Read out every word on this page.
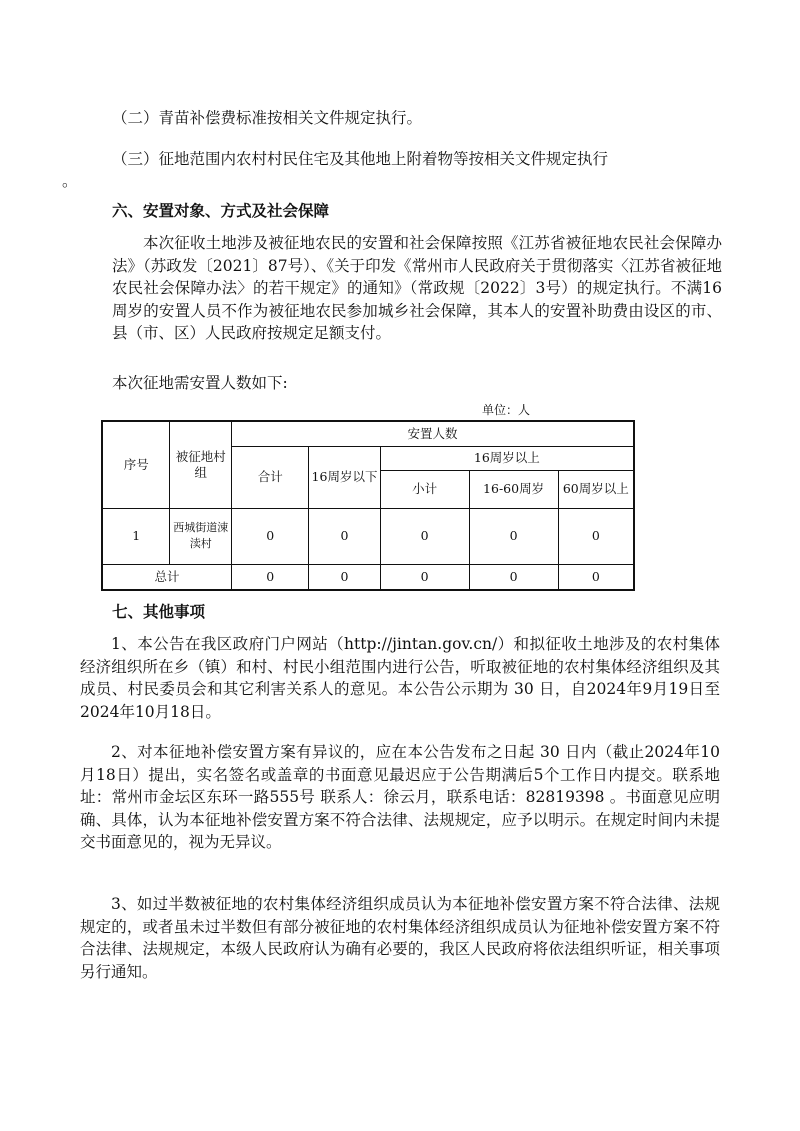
（二）青苗补偿费标准按相关文件规定执行。
（三）征地范围内农村村民住宅及其他地上附着物等按相关文件规定执行
。
六、安置对象、方式及社会保障
本次征收土地涉及被征地农民的安置和社会保障按照《江苏省被征地农民社会保障办法》（苏政发〔2021〕87号）、《关于印发《常州市人民政府关于贯彻落实〈江苏省被征地农民社会保障办法〉的若干规定》的通知》（常政规〔2022〕3号）的规定执行。不满16周岁的安置人员不作为被征地农民参加城乡社会保障，其本人的安置补助费由设区的市、县（市、区）人民政府按规定足额支付。
本次征地需安置人数如下:
单位：人
序号	被征地村组	安置人数				
		合计	16周岁以下	16周岁以上		
				小计	16-60周岁	60周岁以上
1	西城街道涑渎村	0	0	0	0	0
总计		0	0	0	0	0
七、其他事项
1、本公告在我区政府门户网站（http://jintan.gov.cn/）和拟征收土地涉及的农村集体经济组织所在乡（镇）和村、村民小组范围内进行公告，听取被征地的农村集体经济组织及其成员、村民委员会和其它利害关系人的意见。本公告公示期为 30 日，自2024年9月19日至2024年10月18日。
2、对本征地补偿安置方案有异议的，应在本公告发布之日起 30 日内（截止2024年10月18日）提出，实名签名或盖章的书面意见最迟应于公告期满后5个工作日内提交。联系地址：常州市金坛区东环一路555号 联系人：徐云月，联系电话：82819398 。书面意见应明确、具体，认为本征地补偿安置方案不符合法律、法规规定，应予以明示。在规定时间内未提交书面意见的，视为无异议。
3、如过半数被征地的农村集体经济组织成员认为本征地补偿安置方案不符合法律、法规规定的，或者虽未过半数但有部分被征地的农村集体经济组织成员认为征地补偿安置方案不符合法律、法规规定，本级人民政府认为确有必要的，我区人民政府将依法组织听证，相关事项另行通知。
